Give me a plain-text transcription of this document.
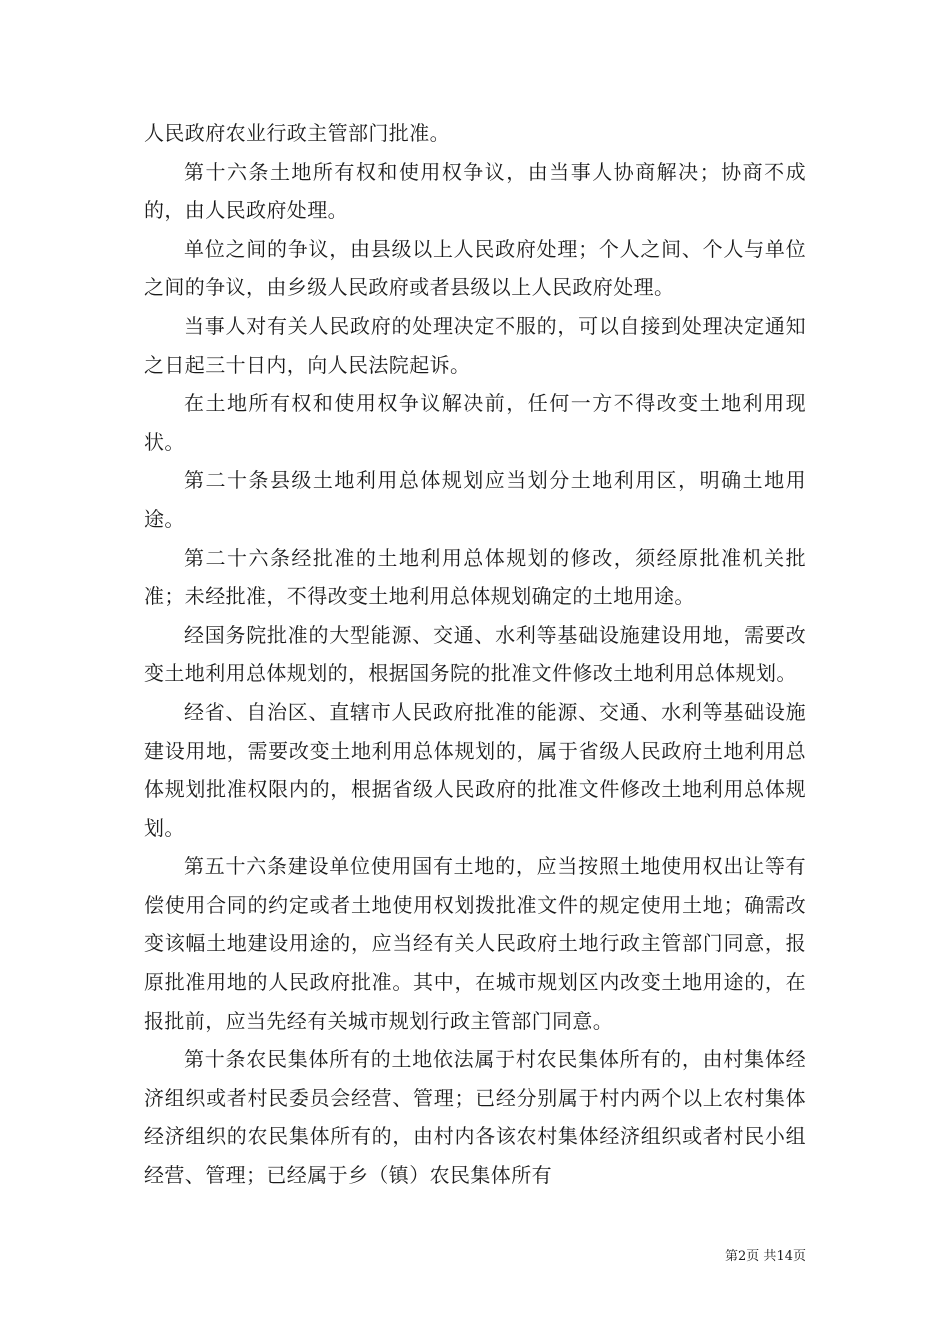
人民政府农业行政主管部门批准。

第十六条土地所有权和使用权争议，由当事人协商解决；协商不成的，由人民政府处理。

单位之间的争议，由县级以上人民政府处理；个人之间、个人与单位之间的争议，由乡级人民政府或者县级以上人民政府处理。

当事人对有关人民政府的处理决定不服的，可以自接到处理决定通知之日起三十日内，向人民法院起诉。

在土地所有权和使用权争议解决前，任何一方不得改变土地利用现状。

第二十条县级土地利用总体规划应当划分土地利用区，明确土地用途。

第二十六条经批准的土地利用总体规划的修改，须经原批准机关批准；未经批准，不得改变土地利用总体规划确定的土地用途。

经国务院批准的大型能源、交通、水利等基础设施建设用地，需要改变土地利用总体规划的，根据国务院的批准文件修改土地利用总体规划。

经省、自治区、直辖市人民政府批准的能源、交通、水利等基础设施建设用地，需要改变土地利用总体规划的，属于省级人民政府土地利用总体规划批准权限内的，根据省级人民政府的批准文件修改土地利用总体规划。

第五十六条建设单位使用国有土地的，应当按照土地使用权出让等有偿使用合同的约定或者土地使用权划拨批准文件的规定使用土地；确需改变该幅土地建设用途的，应当经有关人民政府土地行政主管部门同意，报原批准用地的人民政府批准。其中，在城市规划区内改变土地用途的，在报批前，应当先经有关城市规划行政主管部门同意。

第十条农民集体所有的土地依法属于村农民集体所有的，由村集体经济组织或者村民委员会经营、管理；已经分别属于村内两个以上农村集体经济组织的农民集体所有的，由村内各该农村集体经济组织或者村民小组经营、管理；已经属于乡（镇）农民集体所有

第2页 共14页
